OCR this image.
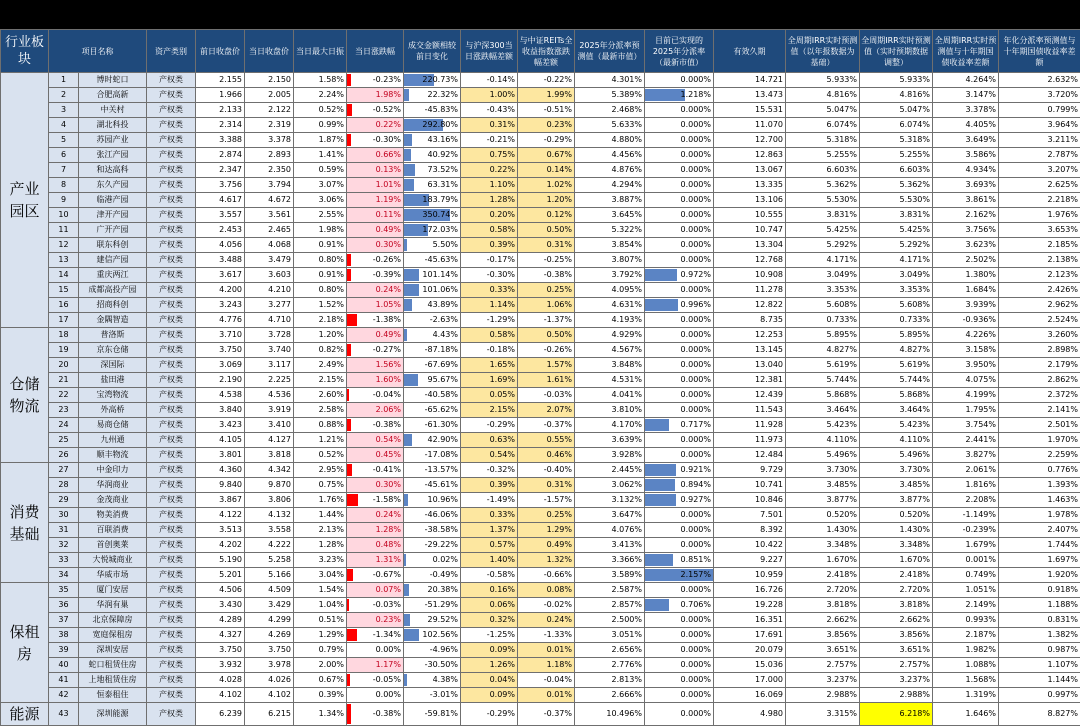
行业板块	项目名称		资产类别	前日收盘价	当日收盘价	当日最大日振	当日涨跌幅	成交金额相较前日变化	与沪深300当日涨跌幅差额	与中证REITs全收益指数涨跌幅差额	2025年分派率预测值（最新市值）	目前已实现的2025年分派率（最新市值）	有效久期	全周期IRR实时预测值（以年报数据为基础）	全周期IRR实时预测值（实时预期数据调整）	全周期IRR实时预测值与十年期国债收益率差额	年化分派率预测值与十年期国债收益率差额
产业园区	1	博时蛇口	产权类	2.155	2.150	1.58%	-0.23%	220.73%	-0.14%	-0.22%	4.301%	0.000%	14.721	5.933%	5.933%	4.264%	2.632%
	2	合肥高新	产权类	1.966	2.005	2.24%	1.98%	22.32%	1.00%	1.99%	5.389%	1.218%	13.473	4.816%	4.816%	3.147%	3.720%
	3	中关村	产权类	2.133	2.122	0.52%	-0.52%	-45.83%	-0.43%	-0.51%	2.468%	0.000%	15.531	5.047%	5.047%	3.378%	0.799%
	4	湖北科投	产权类	2.314	2.319	0.99%	0.22%	292.80%	0.31%	0.23%	5.633%	0.000%	11.070	6.074%	6.074%	4.405%	3.964%
	5	苏园产业	产权类	3.388	3.378	1.87%	-0.30%	43.16%	-0.21%	-0.29%	4.880%	0.000%	12.700	5.318%	5.318%	3.649%	3.211%
	6	张江产园	产权类	2.874	2.893	1.41%	0.66%	40.92%	0.75%	0.67%	4.456%	0.000%	12.863	5.255%	5.255%	3.586%	2.787%
	7	和达高科	产权类	2.347	2.350	0.59%	0.13%	73.52%	0.22%	0.14%	4.876%	0.000%	13.067	6.603%	6.603%	4.934%	3.207%
	8	东久产园	产权类	3.756	3.794	3.07%	1.01%	63.31%	1.10%	1.02%	4.294%	0.000%	13.335	5.362%	5.362%	3.693%	2.625%
	9	临港产园	产权类	4.617	4.672	3.06%	1.19%	183.79%	1.28%	1.20%	3.887%	0.000%	13.106	5.530%	5.530%	3.861%	2.218%
	10	津开产园	产权类	3.557	3.561	2.55%	0.11%	350.74%	0.20%	0.12%	3.645%	0.000%	10.555	3.831%	3.831%	2.162%	1.976%
	11	广开产园	产权类	2.453	2.465	1.98%	0.49%	172.03%	0.58%	0.50%	5.322%	0.000%	10.747	5.425%	5.425%	3.756%	3.653%
	12	联东科创	产权类	4.056	4.068	0.91%	0.30%	5.50%	0.39%	0.31%	3.854%	0.000%	13.304	5.292%	5.292%	3.623%	2.185%
	13	建信产园	产权类	3.488	3.479	0.80%	-0.26%	-45.63%	-0.17%	-0.25%	3.807%	0.000%	12.768	4.171%	4.171%	2.502%	2.138%
	14	重庆两江	产权类	3.617	3.603	0.91%	-0.39%	101.14%	-0.30%	-0.38%	3.792%	0.972%	10.908	3.049%	3.049%	1.380%	2.123%
	15	成都高投产园	产权类	4.200	4.210	0.80%	0.24%	101.06%	0.33%	0.25%	4.095%	0.000%	11.278	3.353%	3.353%	1.684%	2.426%
	16	招商科创	产权类	3.243	3.277	1.52%	1.05%	43.89%	1.14%	1.06%	4.631%	0.996%	12.822	5.608%	5.608%	3.939%	2.962%
	17	金隅智造	产权类	4.776	4.710	2.18%	-1.38%	-2.63%	-1.29%	-1.37%	4.193%	0.000%	8.735	0.733%	0.733%	-0.936%	2.524%
仓储物流	18	普洛斯	产权类	3.710	3.728	1.20%	0.49%	4.43%	0.58%	0.50%	4.929%	0.000%	12.253	5.895%	5.895%	4.226%	3.260%
	19	京东仓储	产权类	3.750	3.740	0.82%	-0.27%	-87.18%	-0.18%	-0.26%	4.567%	0.000%	13.145	4.827%	4.827%	3.158%	2.898%
	20	深国际	产权类	3.069	3.117	2.49%	1.56%	-67.69%	1.65%	1.57%	3.848%	0.000%	13.040	5.619%	5.619%	3.950%	2.179%
	21	盐田港	产权类	2.190	2.225	2.15%	1.60%	95.67%	1.69%	1.61%	4.531%	0.000%	12.381	5.744%	5.744%	4.075%	2.862%
	22	宝湾物流	产权类	4.538	4.536	2.60%	-0.04%	-40.58%	0.05%	-0.03%	4.041%	0.000%	12.439	5.868%	5.868%	4.199%	2.372%
	23	外高桥	产权类	3.840	3.919	2.58%	2.06%	-65.62%	2.15%	2.07%	3.810%	0.000%	11.543	3.464%	3.464%	1.795%	2.141%
	24	易商仓储	产权类	3.423	3.410	0.88%	-0.38%	-61.30%	-0.29%	-0.37%	4.170%	0.717%	11.928	5.423%	5.423%	3.754%	2.501%
	25	九州通	产权类	4.105	4.127	1.21%	0.54%	42.90%	0.63%	0.55%	3.639%	0.000%	11.973	4.110%	4.110%	2.441%	1.970%
	26	顺丰物流	产权类	3.801	3.818	0.52%	0.45%	-17.08%	0.54%	0.46%	3.928%	0.000%	12.484	5.496%	5.496%	3.827%	2.259%
消费基础	27	中金印力	产权类	4.360	4.342	2.95%	-0.41%	-13.57%	-0.32%	-0.40%	2.445%	0.921%	9.729	3.730%	3.730%	2.061%	0.776%
	28	华润商业	产权类	9.840	9.870	0.75%	0.30%	-45.61%	0.39%	0.31%	3.062%	0.894%	10.741	3.485%	3.485%	1.816%	1.393%
	29	金茂商业	产权类	3.867	3.806	1.76%	-1.58%	10.96%	-1.49%	-1.57%	3.132%	0.927%	10.846	3.877%	3.877%	2.208%	1.463%
	30	物美消费	产权类	4.122	4.132	1.44%	0.24%	-46.06%	0.33%	0.25%	3.647%	0.000%	7.501	0.520%	0.520%	-1.149%	1.978%
	31	百联消费	产权类	3.513	3.558	2.13%	1.28%	-38.58%	1.37%	1.29%	4.076%	0.000%	8.392	1.430%	1.430%	-0.239%	2.407%
	32	首创奥莱	产权类	4.202	4.222	1.28%	0.48%	-29.22%	0.57%	0.49%	3.413%	0.000%	10.422	3.348%	3.348%	1.679%	1.744%
	33	大悦城商业	产权类	5.190	5.258	3.23%	1.31%	0.02%	1.40%	1.32%	3.366%	0.851%	9.227	1.670%	1.670%	0.001%	1.697%
	34	华威市场	产权类	5.201	5.166	3.04%	-0.67%	-0.49%	-0.58%	-0.66%	3.589%	2.157%	10.959	2.418%	2.418%	0.749%	1.920%
保租房	35	厦门安居	产权类	4.506	4.509	1.54%	0.07%	20.38%	0.16%	0.08%	2.587%	0.000%	16.726	2.720%	2.720%	1.051%	0.918%
	36	华润有巢	产权类	3.430	3.429	1.04%	-0.03%	-51.29%	0.06%	-0.02%	2.857%	0.706%	19.228	3.818%	3.818%	2.149%	1.188%
	37	北京保障房	产权类	4.289	4.299	0.51%	0.23%	29.52%	0.32%	0.24%	2.500%	0.000%	16.351	2.662%	2.662%	0.993%	0.831%
	38	宽庭保租房	产权类	4.327	4.269	1.29%	-1.34%	102.56%	-1.25%	-1.33%	3.051%	0.000%	17.691	3.856%	3.856%	2.187%	1.382%
	39	深圳安居	产权类	3.750	3.750	0.79%	0.00%	-4.96%	0.09%	0.01%	2.656%	0.000%	20.079	3.651%	3.651%	1.982%	0.987%
	40	蛇口租赁住房	产权类	3.932	3.978	2.00%	1.17%	-30.50%	1.26%	1.18%	2.776%	0.000%	15.036	2.757%	2.757%	1.088%	1.107%
	41	上地租赁住房	产权类	4.028	4.026	0.67%	-0.05%	4.38%	0.04%	-0.04%	2.813%	0.000%	17.000	3.237%	3.237%	1.568%	1.144%
	42	恒泰租住	产权类	4.102	4.102	0.39%	0.00%	-3.01%	0.09%	0.01%	2.666%	0.000%	16.069	2.988%	2.988%	1.319%	0.997%
能源	43	深圳能源	产权类	6.239	6.215	1.34%	-0.38%	-59.81%	-0.29%	-0.37%	10.496%	0.000%	4.980	3.315%	6.218%	1.646%	8.827%
